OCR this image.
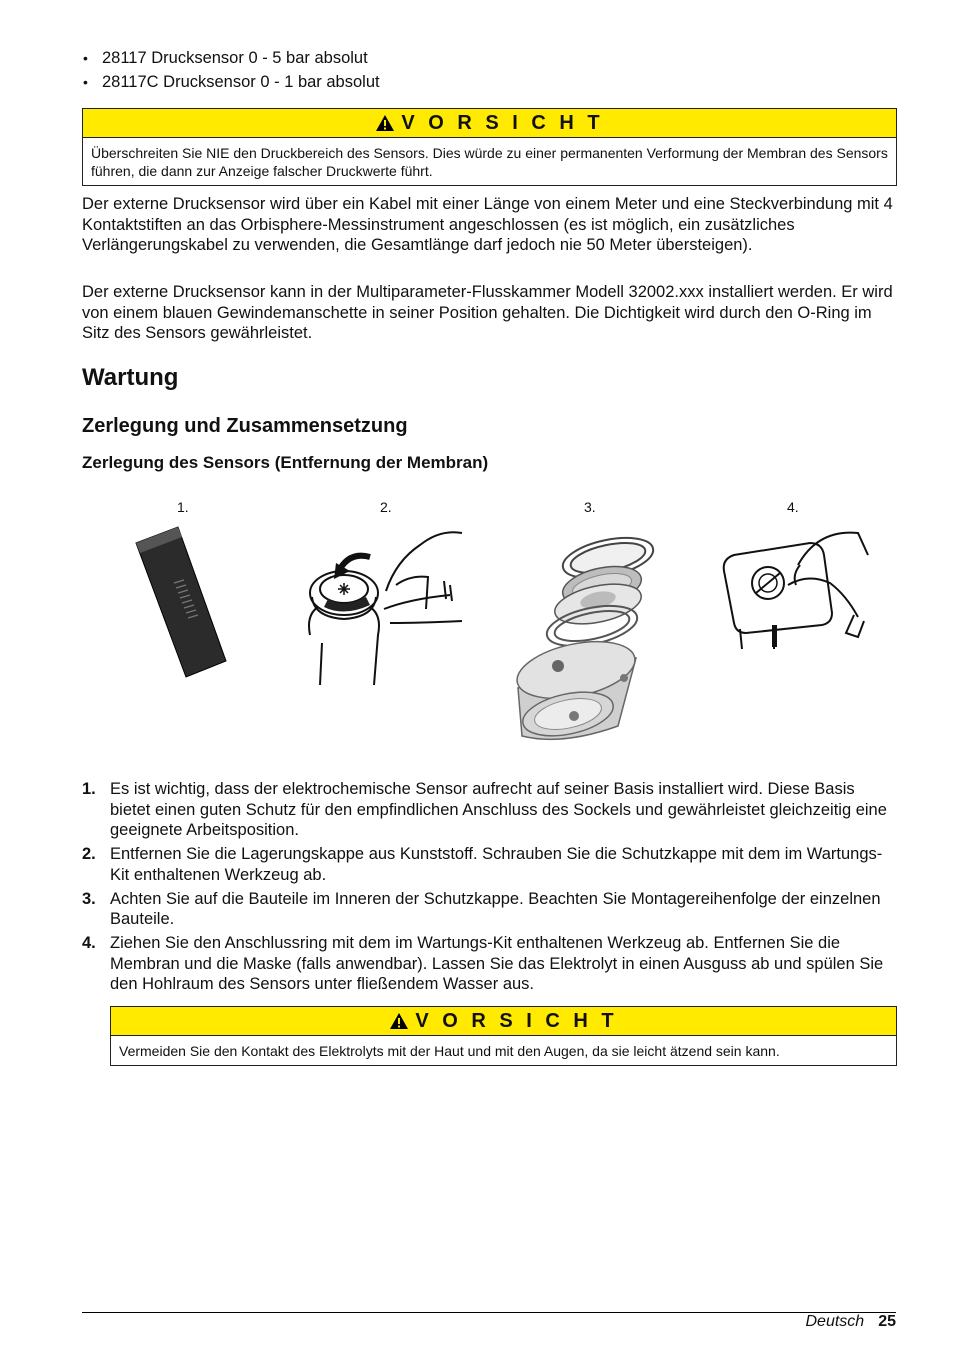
• 28117 Drucksensor 0 - 5 bar absolut
• 28117C Drucksensor 0 - 1 bar absolut
V O R S I C H T
Überschreiten Sie NIE den Druckbereich des Sensors. Dies würde zu einer permanenten Verformung der Membran des Sensors führen, die dann zur Anzeige falscher Druckwerte führt.

Der externe Drucksensor wird über ein Kabel mit einer Länge von einem Meter und eine Steckverbindung mit 4 Kontaktstiften an das Orbisphere-Messinstrument angeschlossen (es ist möglich, ein zusätzliches Verlängerungskabel zu verwenden, die Gesamtlänge darf jedoch nie 50 Meter übersteigen).

Der externe Drucksensor kann in der Multiparameter-Flusskammer Modell 32002.xxx installiert werden. Er wird von einem blauen Gewindemanschette in seiner Position gehalten. Die Dichtigkeit wird durch den O-Ring im Sitz des Sensors gewährleistet.

Wartung
Zerlegung und Zusammensetzung
Zerlegung des Sensors (Entfernung der Membran)
1.	2.	3.	4.
1. Es ist wichtig, dass der elektrochemische Sensor aufrecht auf seiner Basis installiert wird. Diese Basis bietet einen guten Schutz für den empfindlichen Anschluss des Sockels und gewährleistet gleichzeitig eine geeignete Arbeitsposition.
2. Entfernen Sie die Lagerungskappe aus Kunststoff. Schrauben Sie die Schutzkappe mit dem im Wartungs-Kit enthaltenen Werkzeug ab.
3. Achten Sie auf die Bauteile im Inneren der Schutzkappe. Beachten Sie Montagereihenfolge der einzelnen Bauteile.
4. Ziehen Sie den Anschlussring mit dem im Wartungs-Kit enthaltenen Werkzeug ab. Entfernen Sie die Membran und die Maske (falls anwendbar). Lassen Sie das Elektrolyt in einen Ausguss ab und spülen Sie den Hohlraum des Sensors unter fließendem Wasser aus.
V O R S I C H T
Vermeiden Sie den Kontakt des Elektrolyts mit der Haut und mit den Augen, da sie leicht ätzend sein kann.
Deutsch 25
